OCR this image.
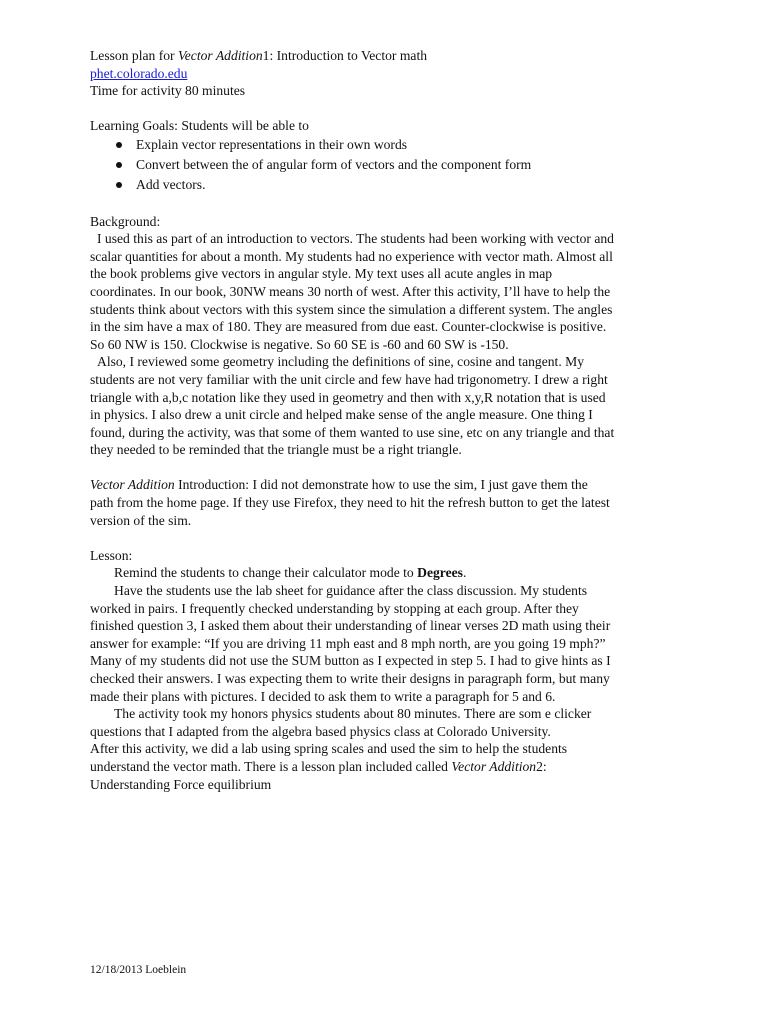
Lesson plan for Vector Addition1: Introduction to Vector math

phet.colorado.edu

Time for activity 80 minutes

Learning Goals: Students will be able to

Explain vector representations in their own words
Convert between the of angular form of vectors and the component form
Add vectors.

Background:

I used this as part of an introduction to vectors. The students had been working with vector and

scalar quantities for about a month. My students had no experience with vector math. Almost all

the book problems give vectors in angular style. My text uses all acute angles in map

coordinates. In our book, 30NW means 30 north of west. After this activity, I’ll have to help the

students think about vectors with this system since the simulation a different system. The angles

in the sim have a max of 180. They are measured from due east. Counter-clockwise is positive.

So 60 NW is 150. Clockwise is negative. So 60 SE is -60 and 60 SW is -150.

Also, I reviewed some geometry including the definitions of sine, cosine and tangent. My

students are not very familiar with the unit circle and few have had trigonometry. I drew a right

triangle with a,b,c notation like they used in geometry and then with x,y,R notation that is used

in physics. I also drew a unit circle and helped make sense of the angle measure. One thing I

found, during the activity, was that some of them wanted to use sine, etc on any triangle and that

they needed to be reminded that the triangle must be a right triangle.

Vector Addition Introduction: I did not demonstrate how to use the sim, I just gave them the

path from the home page. If they use Firefox, they need to hit the refresh button to get the latest

version of the sim.

Lesson:

Remind the students to change their calculator mode to Degrees.

Have the students use the lab sheet for guidance after the class discussion. My students

worked in pairs. I frequently checked understanding by stopping at each group. After they

finished question 3, I asked them about their understanding of linear verses 2D math using their

answer for example: “If you are driving 11 mph east and 8 mph north, are you going 19 mph?”

Many of my students did not use the SUM button as I expected in step 5. I had to give hints as I

checked their answers. I was expecting them to write their designs in paragraph form, but many

made their plans with pictures. I decided to ask them to write a paragraph for 5 and 6.

The activity took my honors physics students about 80 minutes. There are som e clicker

questions that I adapted from the algebra based physics class at Colorado University.

After this activity, we did a lab using spring scales and used the sim to help the students

understand the vector math. There is a lesson plan included called Vector Addition2:

Understanding Force equilibrium

12/18/2013 Loeblein
